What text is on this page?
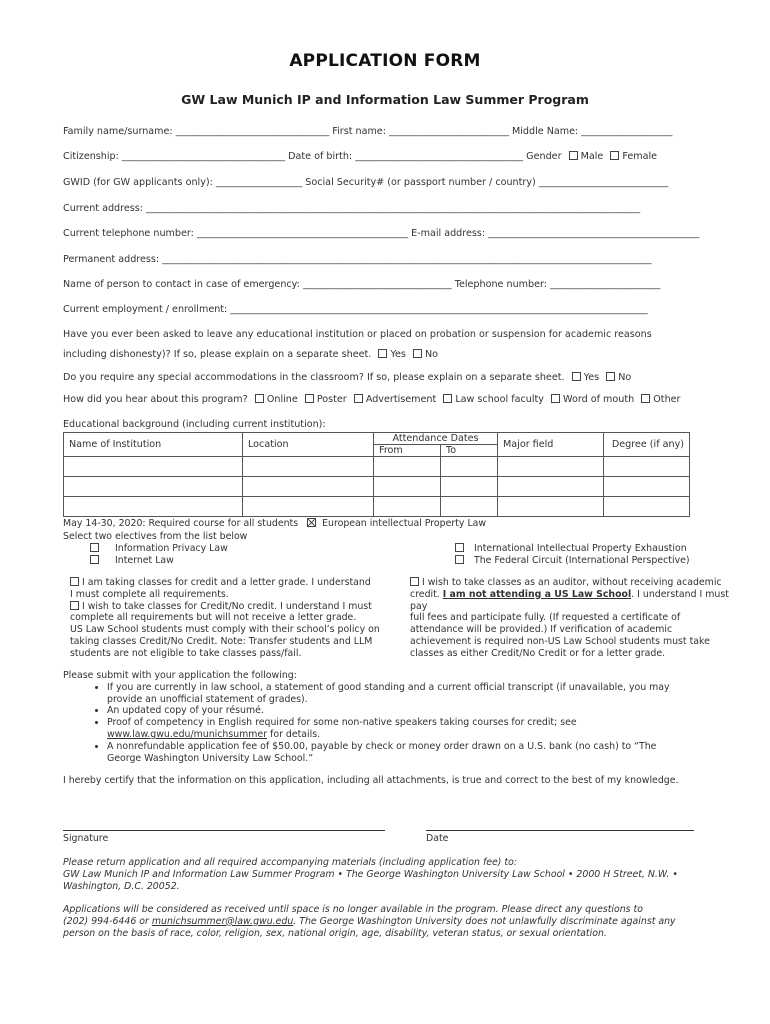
APPLICATION FORM
GW Law Munich IP and Information Law Summer Program
Family name/surname: ________________________________ First name: _________________________ Middle Name: ___________________
Citizenship: __________________________________ Date of birth: ___________________________________ Gender Male Female
GWID (for GW applicants only): __________________ Social Security# (or passport number / country) ___________________________
Current address: _______________________________________________________________________________________________________
Current telephone number: ____________________________________________ E-mail address: ____________________________________________
Permanent address: ______________________________________________________________________________________________________
Name of person to contact in case of emergency: _______________________________ Telephone number: _______________________
Current employment / enrollment: _______________________________________________________________________________________
Have you ever been asked to leave any educational institution or placed on probation or suspension for academic reasons
including dishonesty)? If so, please explain on a separate sheet. Yes No
Do you require any special accommodations in the classroom? If so, please explain on a separate sheet. Yes No
How did you hear about this program? Online Poster Advertisement Law school faculty Word of mouth Other
Educational background (including current institution):
Name of Institution	Location	Attendance Dates		Major field	Degree (if any)
		From	To		

May 14-30, 2020: Required course for all students	European intellectual Property Law
Select two electives from the list below
Information Privacy Law
Internet Law
International Intellectual Property Exhaustion
The Federal Circuit (International Perspective)
I am taking classes for credit and a letter grade. I understand
I must complete all requirements.
I wish to take classes for Credit/No credit. I understand I must
complete all requirements but will not receive a letter grade.
US Law School students must comply with their school’s policy on
taking classes Credit/No Credit. Note: Transfer students and LLM
students are not eligible to take classes pass/fail.
I wish to take classes as an auditor, without receiving academic
credit. I am not attending a US Law School. I understand I must pay
full fees and participate fully. (If requested a certificate of
attendance will be provided.) If verification of academic
achievement is required non-US Law School students must take
classes as either Credit/No Credit or for a letter grade.
Please submit with your application the following:
• If you are currently in law school, a statement of good standing and a current official transcript (if unavailable, you may
provide an unofficial statement of grades).
• An updated copy of your résumé.
• Proof of competency in English required for some non-native speakers taking courses for credit; see
www.law.gwu.edu/munichsummer for details.
• A nonrefundable application fee of $50.00, payable by check or money order drawn on a U.S. bank (no cash) to “The
George Washington University Law School.”
I hereby certify that the information on this application, including all attachments, is true and correct to the best of my knowledge.
Signature	Date
Please return application and all required accompanying materials (including application fee) to:
GW Law Munich IP and Information Law Summer Program • The George Washington University Law School • 2000 H Street, N.W. •
Washington, D.C. 20052.
Applications will be considered as received until space is no longer available in the program. Please direct any questions to
(202) 994-6446 or munichsummer@law.gwu.edu. The George Washington University does not unlawfully discriminate against any
person on the basis of race, color, religion, sex, national origin, age, disability, veteran status, or sexual orientation.
